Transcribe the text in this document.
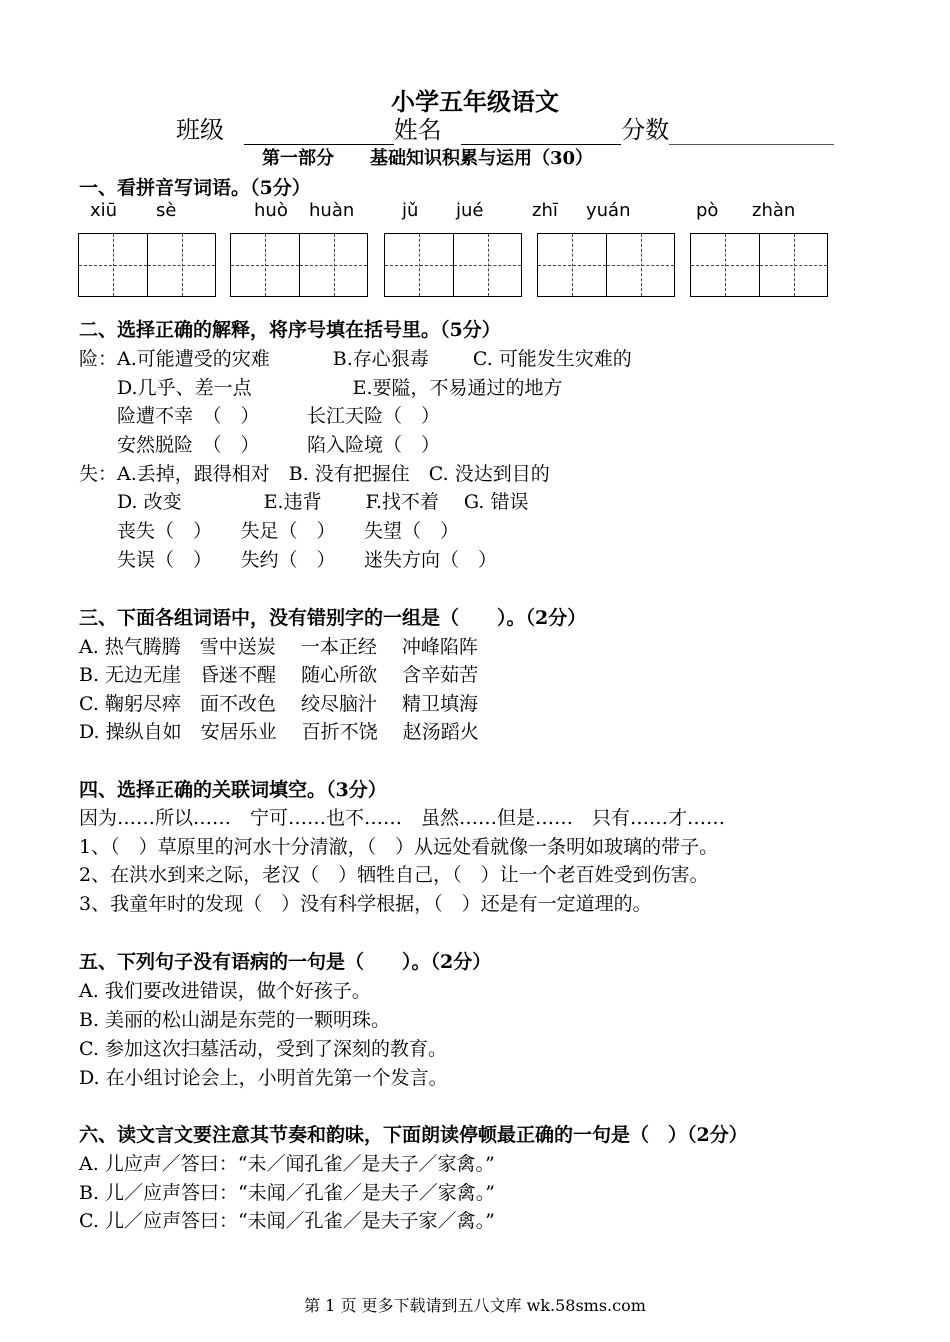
小学五年级语文
班级	姓名	分数
第一部分　　基础知识积累与运用（30）
一、看拼音写词语。（5分）
xiū sè	huò huàn	jǔ jué	zhī yuán	pò zhàn
二、选择正确的解释，将序号填在括号里。（5分）
险：A.可能遭受的灾难　　　 B.存心狠毒　　 C. 可能发生灾难的
　　D.几乎、差一点　　　　　 E.要隘，不易通过的地方
　　险遭不幸　（　）　　　长江天险（　）
　　安然脱险　（　）　　　陷入险境（　）
失：A.丢掉，跟得相对　B. 没有把握住　C. 没达到目的
　　D. 改变　　　　 E.违背　　 F.找不着　 G. 错误
　　丧失（　）　　失足（　）　　失望（　）
　　失误（　）　　失约（　）　　迷失方向（　）
三、下面各组词语中，没有错别字的一组是（　　）。（2分）
A. 热气腾腾　雪中送炭　 一本正经　 冲峰陷阵
B. 无边无崖　昏迷不醒　 随心所欲　 含辛茹苦
C. 鞠躬尽瘁　面不改色　 绞尽脑汁　 精卫填海
D. 操纵自如　安居乐业　 百折不饶　 赵汤蹈火
四、选择正确的关联词填空。（3分）
因为……所以……　宁可……也不……　虽然……但是……　只有……才……
1、（　）草原里的河水十分清澈，（　）从远处看就像一条明如玻璃的带子。
2、在洪水到来之际，老汉（　）牺牲自己，（　）让一个老百姓受到伤害。
3、我童年时的发现（　）没有科学根据，（　）还是有一定道理的。
五、下列句子没有语病的一句是（　　）。（2分）
A. 我们要改进错误，做个好孩子。
B. 美丽的松山湖是东莞的一颗明珠。
C. 参加这次扫墓活动，受到了深刻的教育。
D. 在小组讨论会上，小明首先第一个发言。
六、读文言文要注意其节奏和韵味，下面朗读停顿最正确的一句是（　）（2分）
A. 儿应声／答曰：“未／闻孔雀／是夫子／家禽。”
B. 儿／应声答曰：“未闻／孔雀／是夫子／家禽。”
C. 儿／应声答曰：“未闻／孔雀／是夫子家／禽。”
第 1 页 更多下载请到五八文库 wk.58sms.com
